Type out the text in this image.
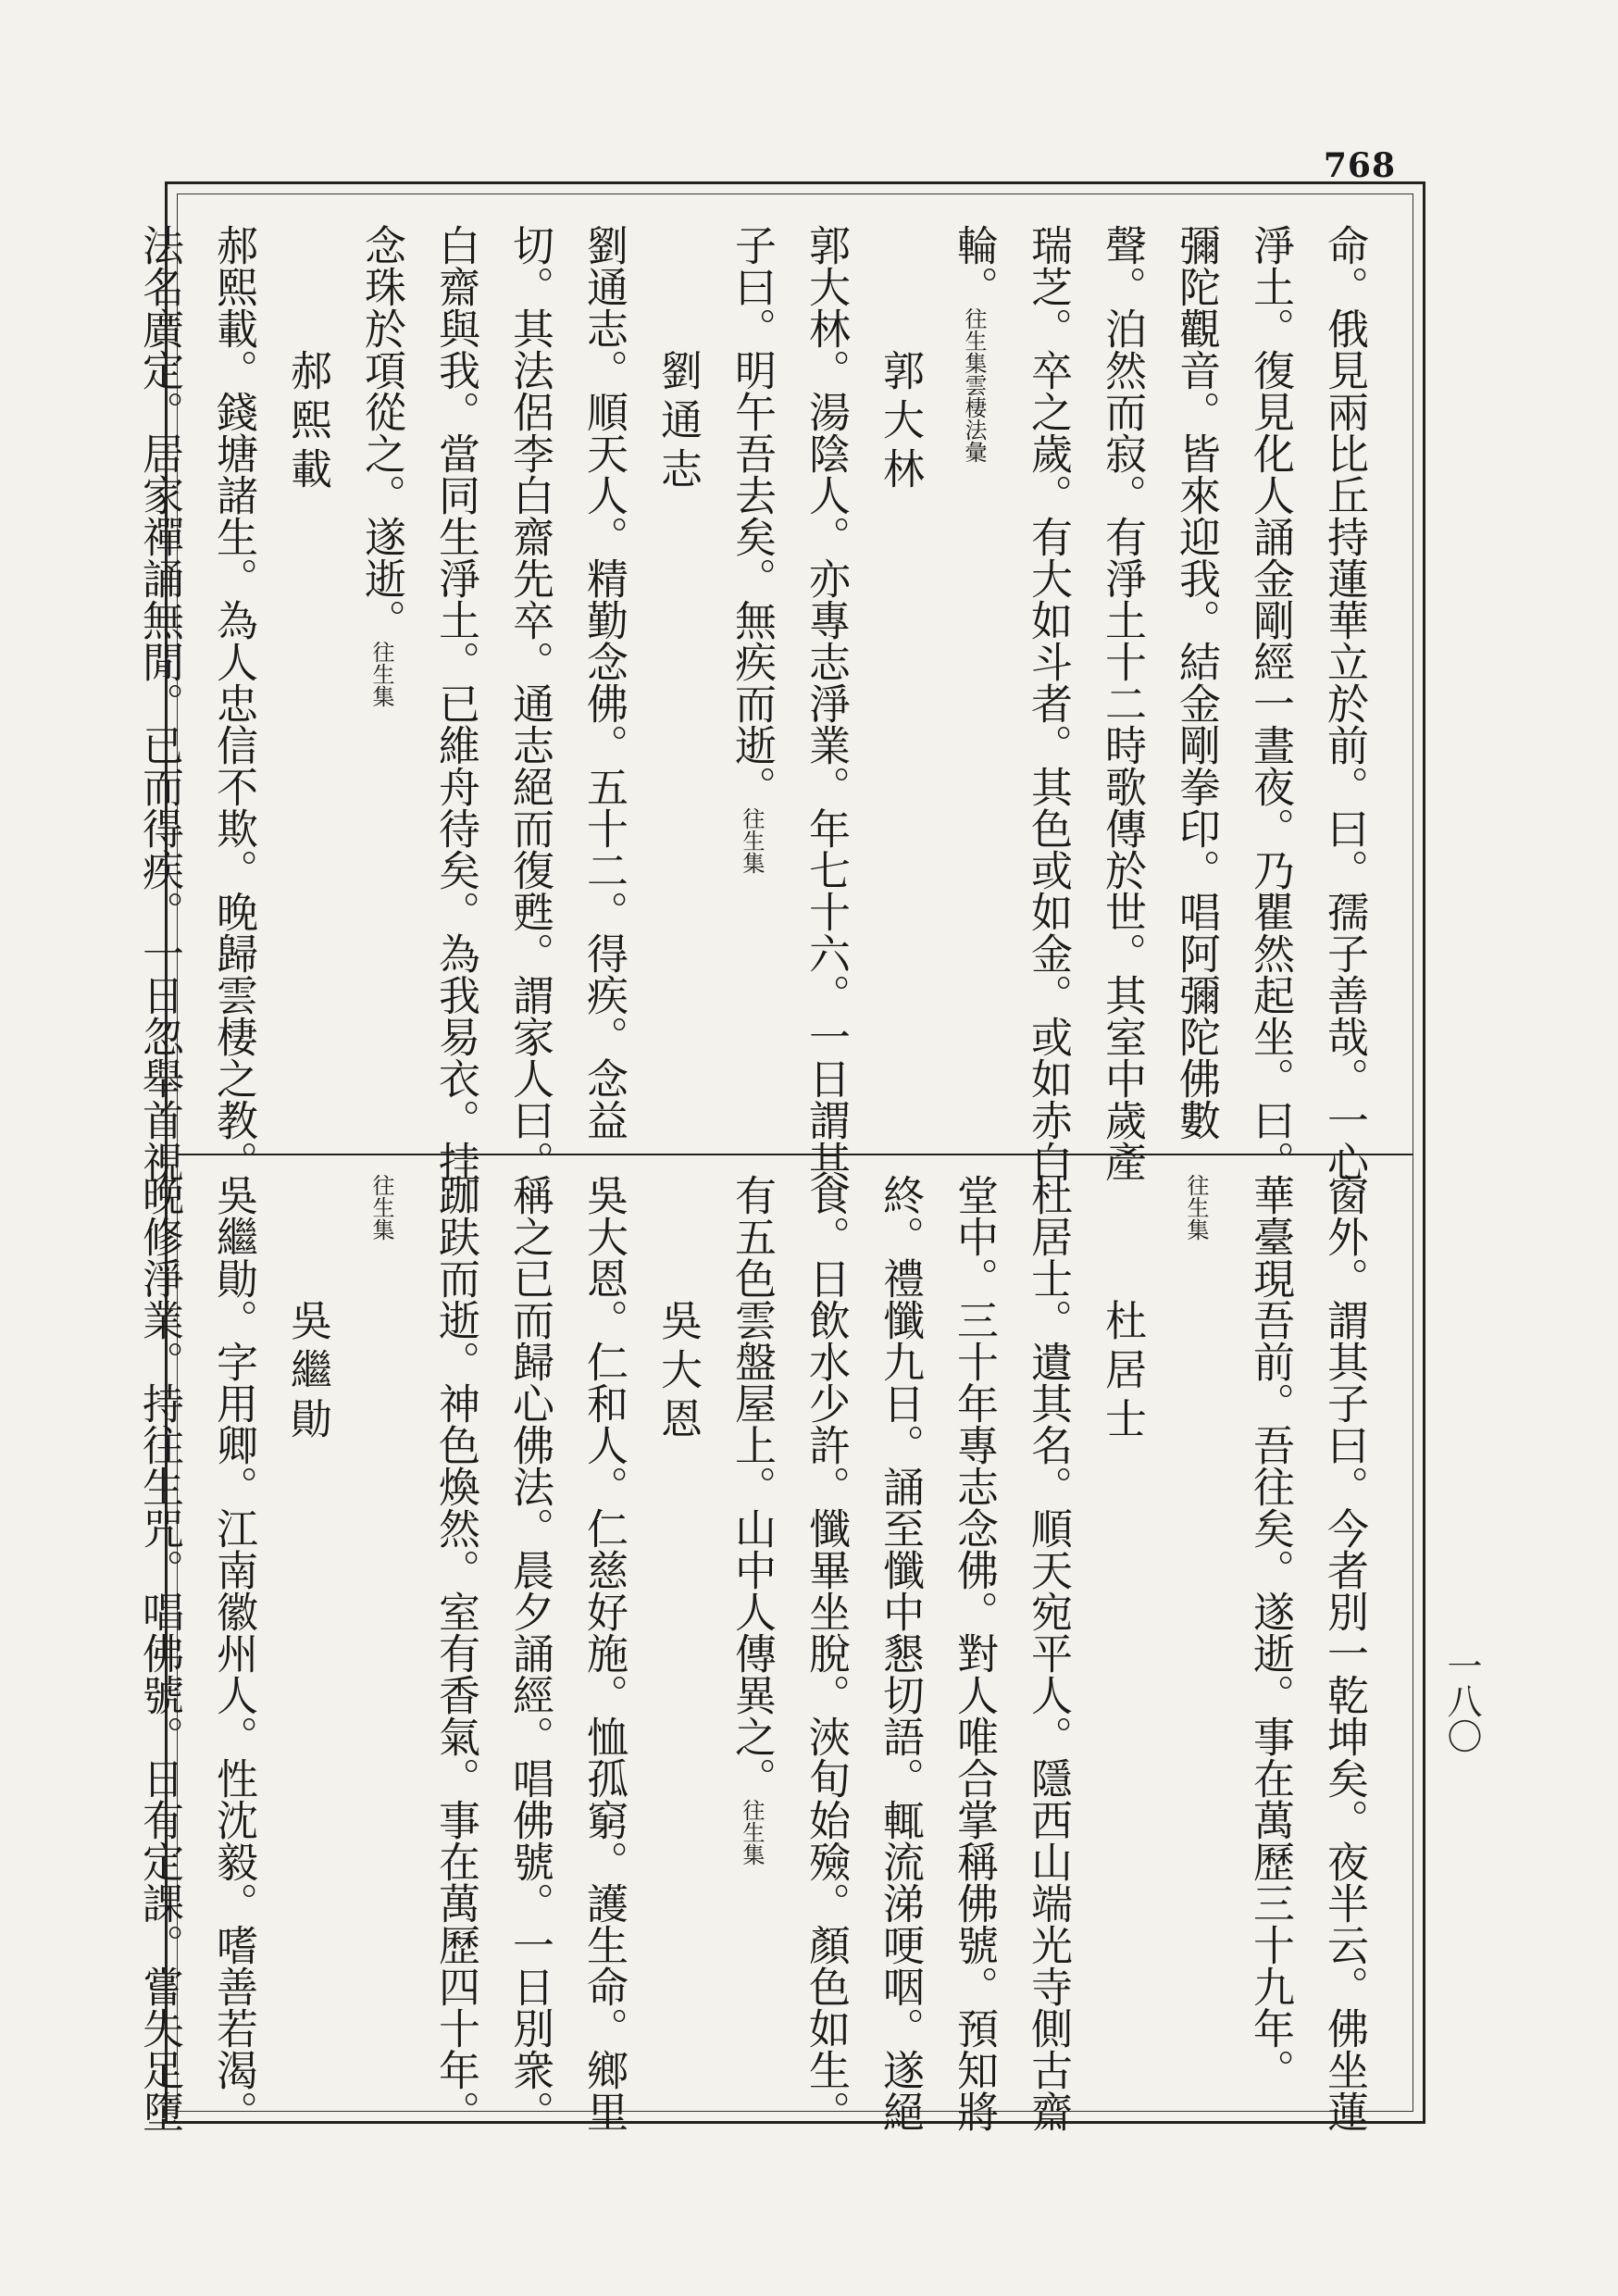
768
命。俄見兩比丘持蓮華立於前。曰。孺子善哉。一心
淨土。復見化人誦金剛經一晝夜。乃瞿然起坐。曰。
彌陀觀音。皆來迎我。結金剛拳印。唱阿彌陀佛數
聲。泊然而寂。有淨土十二時歌傳於世。其室中歲產
瑞芝。卒之歲。有大如斗者。其色或如金。或如赤白
輪。往生集雲棲法彙
郭大林
郭大林。湯陰人。亦專志淨業。年七十六。一日謂其
子曰。明午吾去矣。無疾而逝。往生集
劉通志
劉通志。順天人。精勤念佛。五十二。得疾。念益
切。其法侶李白齋先卒。通志絕而復甦。謂家人曰。
白齋與我。當同生淨土。已維舟待矣。為我易衣。挂
念珠於項從之。遂逝。往生集
郝熙載
郝熙載。錢塘諸生。為人忠信不欺。晚歸雲棲之教。
法名廣定。居家禪誦無閒。已而得疾。一日忽舉首視
窗外。謂其子曰。今者別一乾坤矣。夜半云。佛坐蓮
華臺現吾前。吾往矣。遂逝。事在萬歷三十九年。
往生集
杜居士
杜居士。遺其名。順天宛平人。隱西山端光寺側古齋
堂中。三十年專志念佛。對人唯合掌稱佛號。預知將
終。禮懺九日。誦至懺中懇切語。輒流涕哽咽。遂絕
食。日飲水少許。懺畢坐脫。浹旬始殮。顏色如生。
有五色雲盤屋上。山中人傳異之。往生集
吳大恩
吳大恩。仁和人。仁慈好施。恤孤窮。護生命。鄉里
稱之已而歸心佛法。晨夕誦經。唱佛號。一日別衆。
跏趺而逝。神色煥然。室有香氣。事在萬歷四十年。
往生集
吳繼勛
吳繼勛。字用卿。江南徽州人。性沈毅。嗜善若渴。
晚修淨業。持往生咒。唱佛號。日有定課。嘗失足墮	一八〇
